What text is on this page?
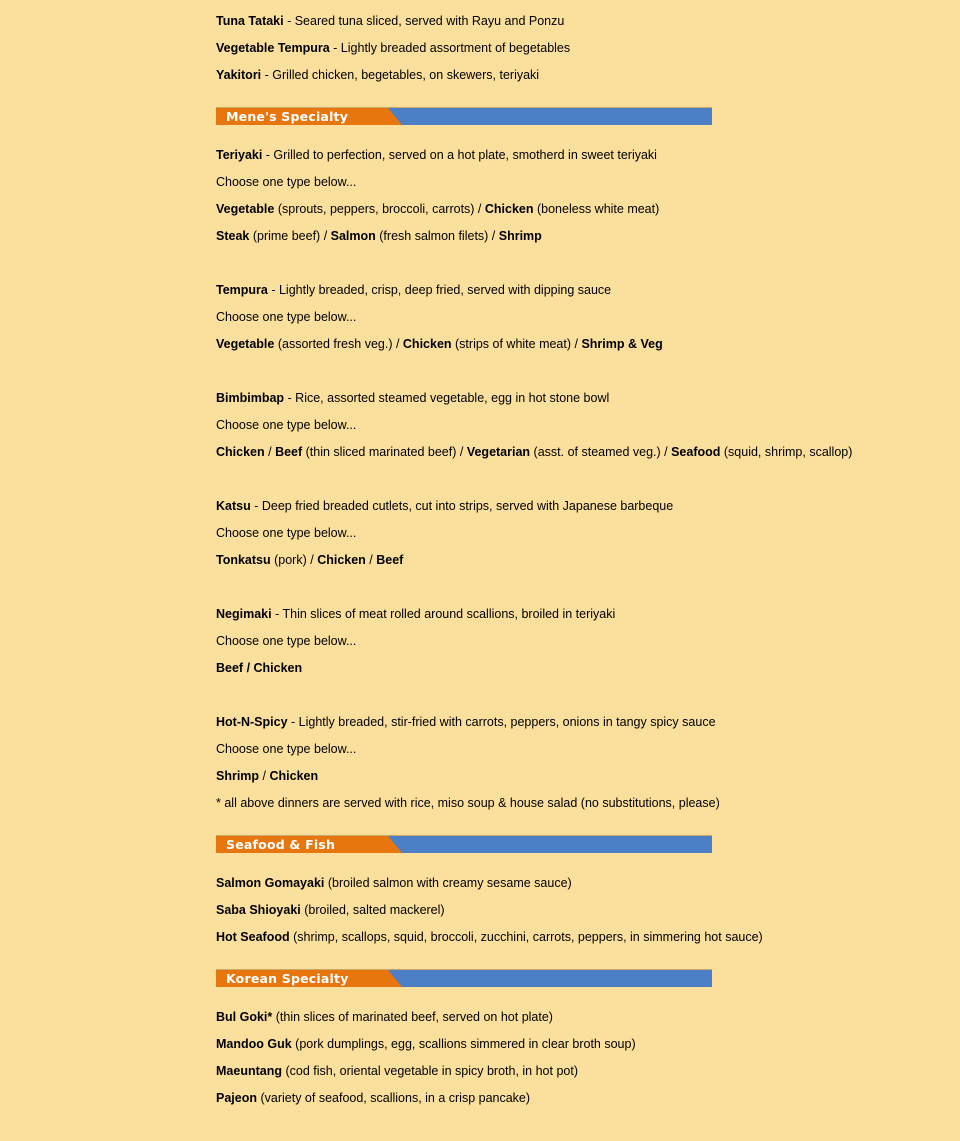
Tuna Tataki - Seared tuna sliced, served with Rayu and Ponzu
Vegetable Tempura - Lightly breaded assortment of begetables
Yakitori - Grilled chicken, begetables, on skewers, teriyaki
Mene's Specialty
Teriyaki - Grilled to perfection, served on a hot plate, smotherd in sweet teriyaki
Choose one type below...
Vegetable (sprouts, peppers, broccoli, carrots) / Chicken (boneless white meat)
Steak (prime beef) / Salmon (fresh salmon filets) / Shrimp
Tempura - Lightly breaded, crisp, deep fried, served with dipping sauce
Choose one type below...
Vegetable (assorted fresh veg.) / Chicken (strips of white meat) / Shrimp & Veg
Bimbimbap - Rice, assorted steamed vegetable, egg in hot stone bowl
Choose one type below...
Chicken / Beef (thin sliced marinated beef) / Vegetarian (asst. of steamed veg.) / Seafood (squid, shrimp, scallop)
Katsu - Deep fried breaded cutlets, cut into strips, served with Japanese barbeque
Choose one type below...
Tonkatsu (pork) / Chicken / Beef
Negimaki - Thin slices of meat rolled around scallions, broiled in teriyaki
Choose one type below...
Beef / Chicken
Hot-N-Spicy - Lightly breaded, stir-fried with carrots, peppers, onions in tangy spicy sauce
Choose one type below...
Shrimp / Chicken
* all above dinners are served with rice, miso soup & house salad (no substitutions, please)
Seafood & Fish
Salmon Gomayaki (broiled salmon with creamy sesame sauce)
Saba Shioyaki (broiled, salted mackerel)
Hot Seafood (shrimp, scallops, squid, broccoli, zucchini, carrots, peppers, in simmering hot sauce)
Korean Specialty
Bul Goki* (thin slices of marinated beef, served on hot plate)
Mandoo Guk (pork dumplings, egg, scallions simmered in clear broth soup)
Maeuntang (cod fish, oriental vegetable in spicy broth, in hot pot)
Pajeon (variety of seafood, scallions, in a crisp pancake)
